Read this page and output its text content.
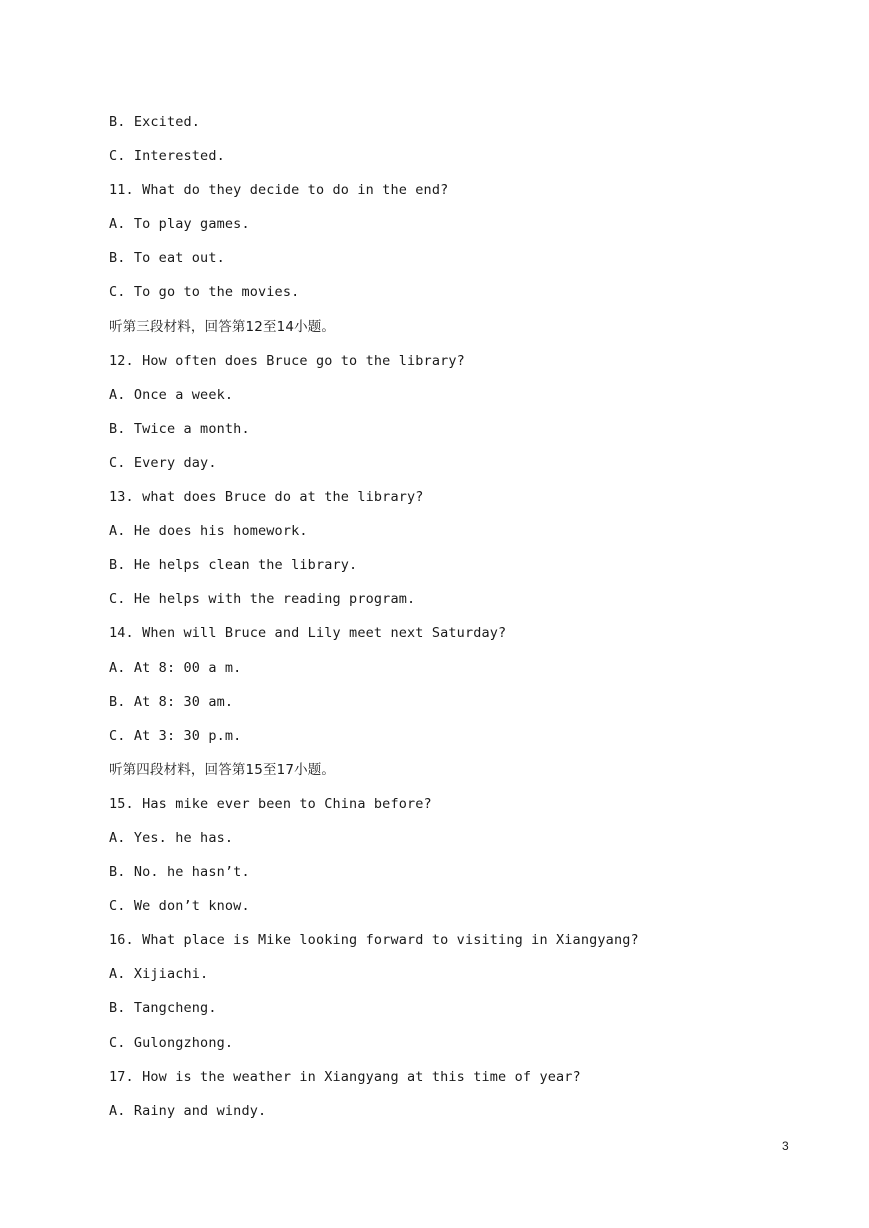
B. Excited.
C. Interested.
11. What do they decide to do in the end?
A. To play games.
B. To eat out.
C. To go to the movies.
听第三段材料，回答第12至14小题。
12. How often does Bruce go to the library?
A. Once a week.
B. Twice a month.
C. Every day.
13. what does Bruce do at the library?
A. He does his homework.
B. He helps clean the library.
C. He helps with the reading program.
14. When will Bruce and Lily meet next Saturday?
A. At 8: 00 a m.
B. At 8: 30 am.
C. At 3: 30 p.m.
听第四段材料，回答第15至17小题。
15. Has mike ever been to China before?
A. Yes. he has.
B. No. he hasn’t.
C. We don’t know.
16. What place is Mike looking forward to visiting in Xiangyang?
A. Xijiachi.
B. Tangcheng.
C. Gulongzhong.
17. How is the weather in Xiangyang at this time of year?
A. Rainy and windy.
3
